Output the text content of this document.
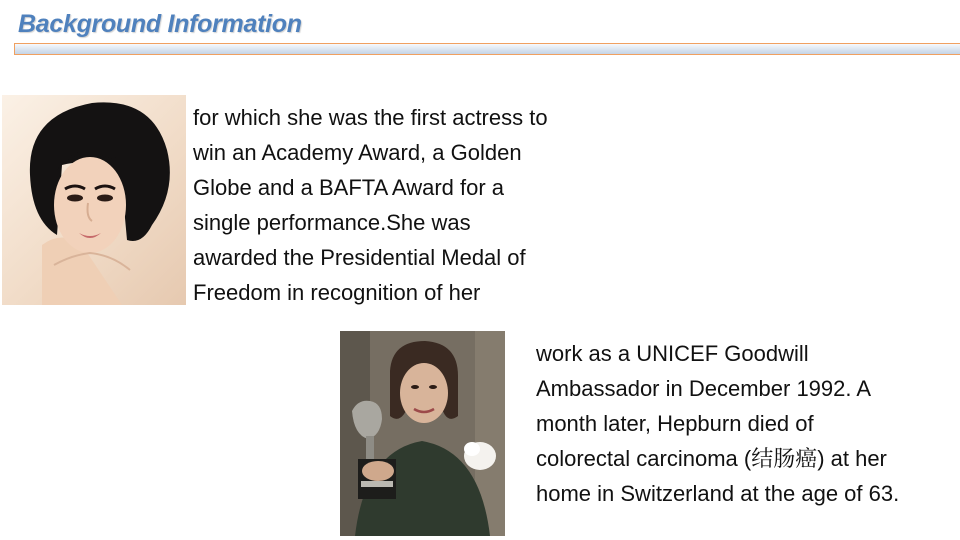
Background Information

for which she was the first actress to

win an Academy Award, a Golden

Globe and a BAFTA Award for a

single performance.She was

awarded the Presidential Medal of

Freedom in recognition of her

work as a UNICEF Goodwill

Ambassador in December 1992. A

month later, Hepburn died of

colorectal carcinoma (结肠癌) at her

home in Switzerland at the age of 63.
